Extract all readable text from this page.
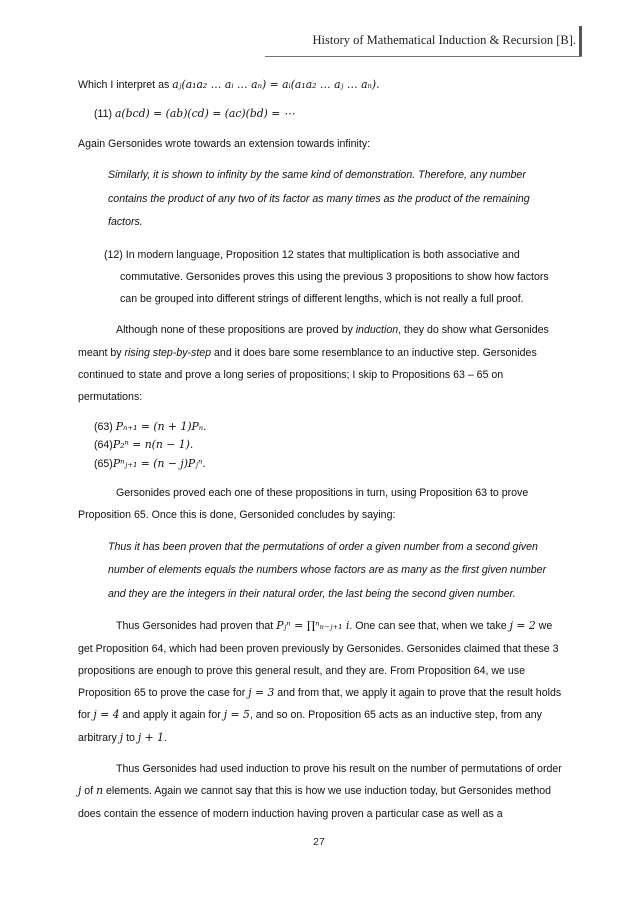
History of Mathematical Induction & Recursion [B].

Which I interpret as aⱼ(a₁a₂ … aᵢ … aₙ) = aᵢ(a₁a₂ … aⱼ … aₙ).

(11) a(bcd) = (ab)(cd) = (ac)(bd) = ⋯

Again Gersonides wrote towards an extension towards infinity:

Similarly, it is shown to infinity by the same kind of demonstration. Therefore, any number contains the product of any two of its factor as many times as the product of the remaining factors.

(12) In modern language, Proposition 12 states that multiplication is both associative and commutative. Gersonides proves this using the previous 3 propositions to show how factors can be grouped into different strings of different lengths, which is not really a full proof.

Although none of these propositions are proved by induction, they do show what Gersonides meant by rising step-by-step and it does bare some resemblance to an inductive step. Gersonides continued to state and prove a long series of propositions; I skip to Propositions 63 – 65 on permutations:

(63) Pₙ₊₁ = (n + 1)Pₙ.

(64)P₂ⁿ = n(n − 1).

(65)Pⁿⱼ₊₁ = (n − j)Pⱼⁿ.

Gersonides proved each one of these propositions in turn, using Proposition 63 to prove Proposition 65. Once this is done, Gersonided concludes by saying:

Thus it has been proven that the permutations of order a given number from a second given number of elements equals the numbers whose factors are as many as the first given number and they are the integers in their natural order, the last being the second given number.

Thus Gersonides had proven that Pⱼⁿ = ∏ⁿₙ₋ⱼ₊₁ i. One can see that, when we take j = 2 we get Proposition 64, which had been proven previously by Gersonides. Gersonides claimed that these 3 propositions are enough to prove this general result, and they are. From Proposition 64, we use Proposition 65 to prove the case for j = 3 and from that, we apply it again to prove that the result holds for j = 4 and apply it again for j = 5, and so on. Proposition 65 acts as an inductive step, from any arbitrary j to j + 1.

Thus Gersonides had used induction to prove his result on the number of permutations of order j of n elements. Again we cannot say that this is how we use induction today, but Gersonides method does contain the essence of modern induction having proven a particular case as well as a

27
